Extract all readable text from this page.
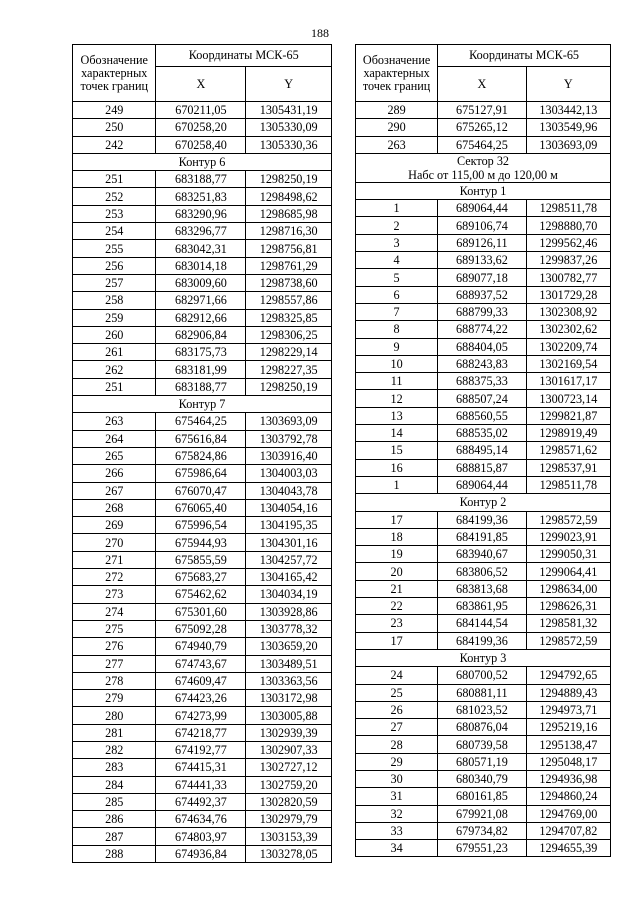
188
Обозначение характерных точек границ	Координаты МСК-65	
	X	Y
249	670211,05	1305431,19
250	670258,20	1305330,09
242	670258,40	1305330,36
Контур 6		
251	683188,77	1298250,19
252	683251,83	1298498,62
253	683290,96	1298685,98
254	683296,77	1298716,30
255	683042,31	1298756,81
256	683014,18	1298761,29
257	683009,60	1298738,60
258	682971,66	1298557,86
259	682912,66	1298325,85
260	682906,84	1298306,25
261	683175,73	1298229,14
262	683181,99	1298227,35
251	683188,77	1298250,19
Контур 7		
263	675464,25	1303693,09
264	675616,84	1303792,78
265	675824,86	1303916,40
266	675986,64	1304003,03
267	676070,47	1304043,78
268	676065,40	1304054,16
269	675996,54	1304195,35
270	675944,93	1304301,16
271	675855,59	1304257,72
272	675683,27	1304165,42
273	675462,62	1304034,19
274	675301,60	1303928,86
275	675092,28	1303778,32
276	674940,79	1303659,20
277	674743,67	1303489,51
278	674609,47	1303363,56
279	674423,26	1303172,98
280	674273,99	1303005,88
281	674218,77	1302939,39
282	674192,77	1302907,33
283	674415,31	1302727,12
284	674441,33	1302759,20
285	674492,37	1302820,59
286	674634,76	1302979,79
287	674803,97	1303153,39
288	674936,84	1303278,05
Обозначение характерных точек границ	Координаты МСК-65	
	X	Y
289	675127,91	1303442,13
290	675265,12	1303549,96
263	675464,25	1303693,09
Сектор 32
Набс от 115,00 м до 120,00 м		
Контур 1		
1	689064,44	1298511,78
2	689106,74	1298880,70
3	689126,11	1299562,46
4	689133,62	1299837,26
5	689077,18	1300782,77
6	688937,52	1301729,28
7	688799,33	1302308,92
8	688774,22	1302302,62
9	688404,05	1302209,74
10	688243,83	1302169,54
11	688375,33	1301617,17
12	688507,24	1300723,14
13	688560,55	1299821,87
14	688535,02	1298919,49
15	688495,14	1298571,62
16	688815,87	1298537,91
1	689064,44	1298511,78
Контур 2		
17	684199,36	1298572,59
18	684191,85	1299023,91
19	683940,67	1299050,31
20	683806,52	1299064,41
21	683813,68	1298634,00
22	683861,95	1298626,31
23	684144,54	1298581,32
17	684199,36	1298572,59
Контур 3		
24	680700,52	1294792,65
25	680881,11	1294889,43
26	681023,52	1294973,71
27	680876,04	1295219,16
28	680739,58	1295138,47
29	680571,19	1295048,17
30	680340,79	1294936,98
31	680161,85	1294860,24
32	679921,08	1294769,00
33	679734,82	1294707,82
34	679551,23	1294655,39
